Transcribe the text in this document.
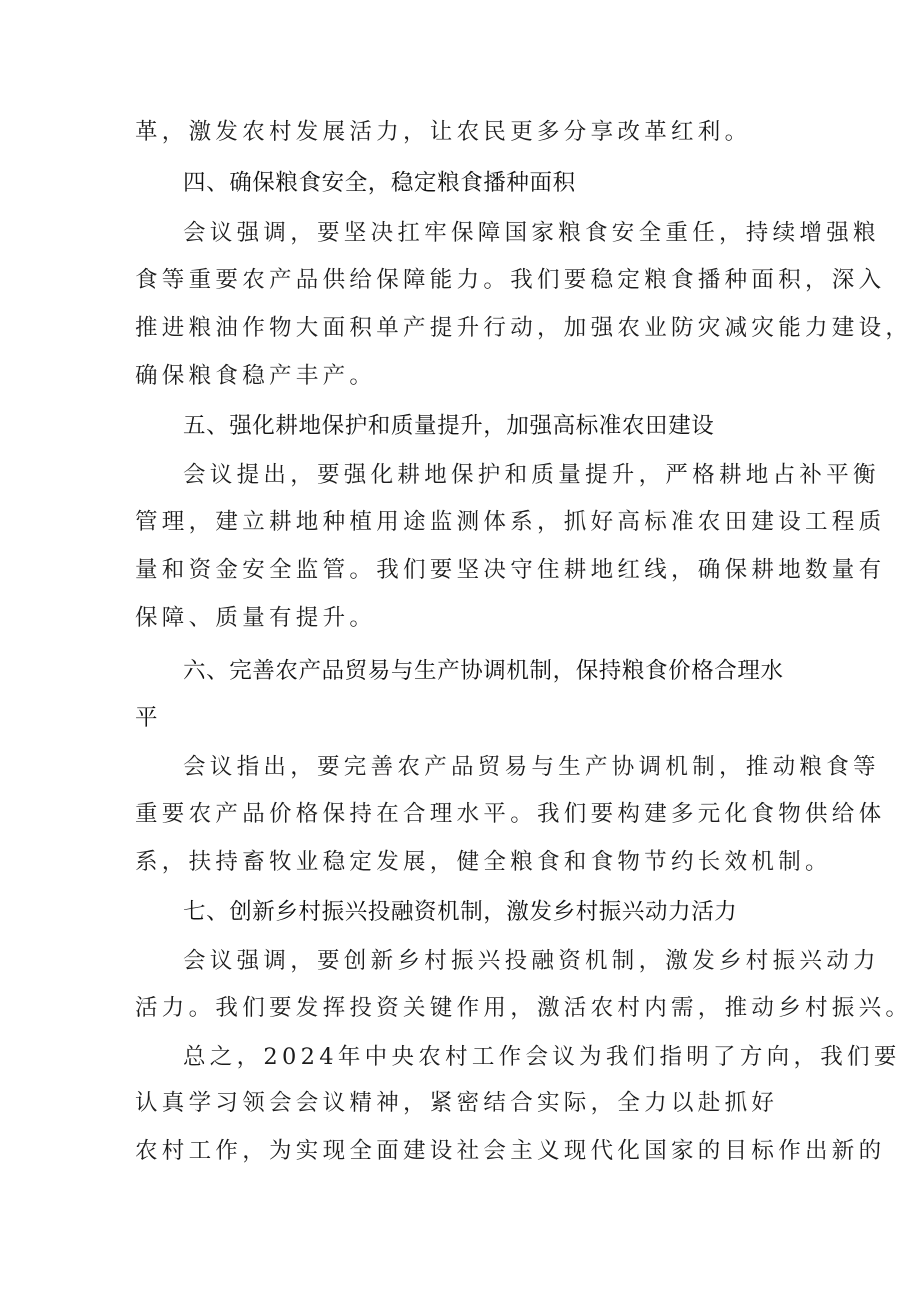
革，激发农村发展活力，让农民更多分享改革红利。
四、确保粮食安全，稳定粮食播种面积
会议强调，要坚决扛牢保障国家粮食安全重任，持续增强粮
食等重要农产品供给保障能力。我们要稳定粮食播种面积，深入
推进粮油作物大面积单产提升行动，加强农业防灾减灾能力建设，
确保粮食稳产丰产。
五、强化耕地保护和质量提升，加强高标准农田建设
会议提出，要强化耕地保护和质量提升，严格耕地占补平衡
管理，建立耕地种植用途监测体系，抓好高标准农田建设工程质
量和资金安全监管。我们要坚决守住耕地红线，确保耕地数量有
保障、质量有提升。
六、完善农产品贸易与生产协调机制，保持粮食价格合理水
平
会议指出，要完善农产品贸易与生产协调机制，推动粮食等
重要农产品价格保持在合理水平。我们要构建多元化食物供给体
系，扶持畜牧业稳定发展，健全粮食和食物节约长效机制。
七、创新乡村振兴投融资机制，激发乡村振兴动力活力
会议强调，要创新乡村振兴投融资机制，激发乡村振兴动力
活力。我们要发挥投资关键作用，激活农村内需，推动乡村振兴。
总之，2024年中央农村工作会议为我们指明了方向，我们要
认真学习领会会议精神，紧密结合实际，全力以赴抓好
农村工作，为实现全面建设社会主义现代化国家的目标作出新的
